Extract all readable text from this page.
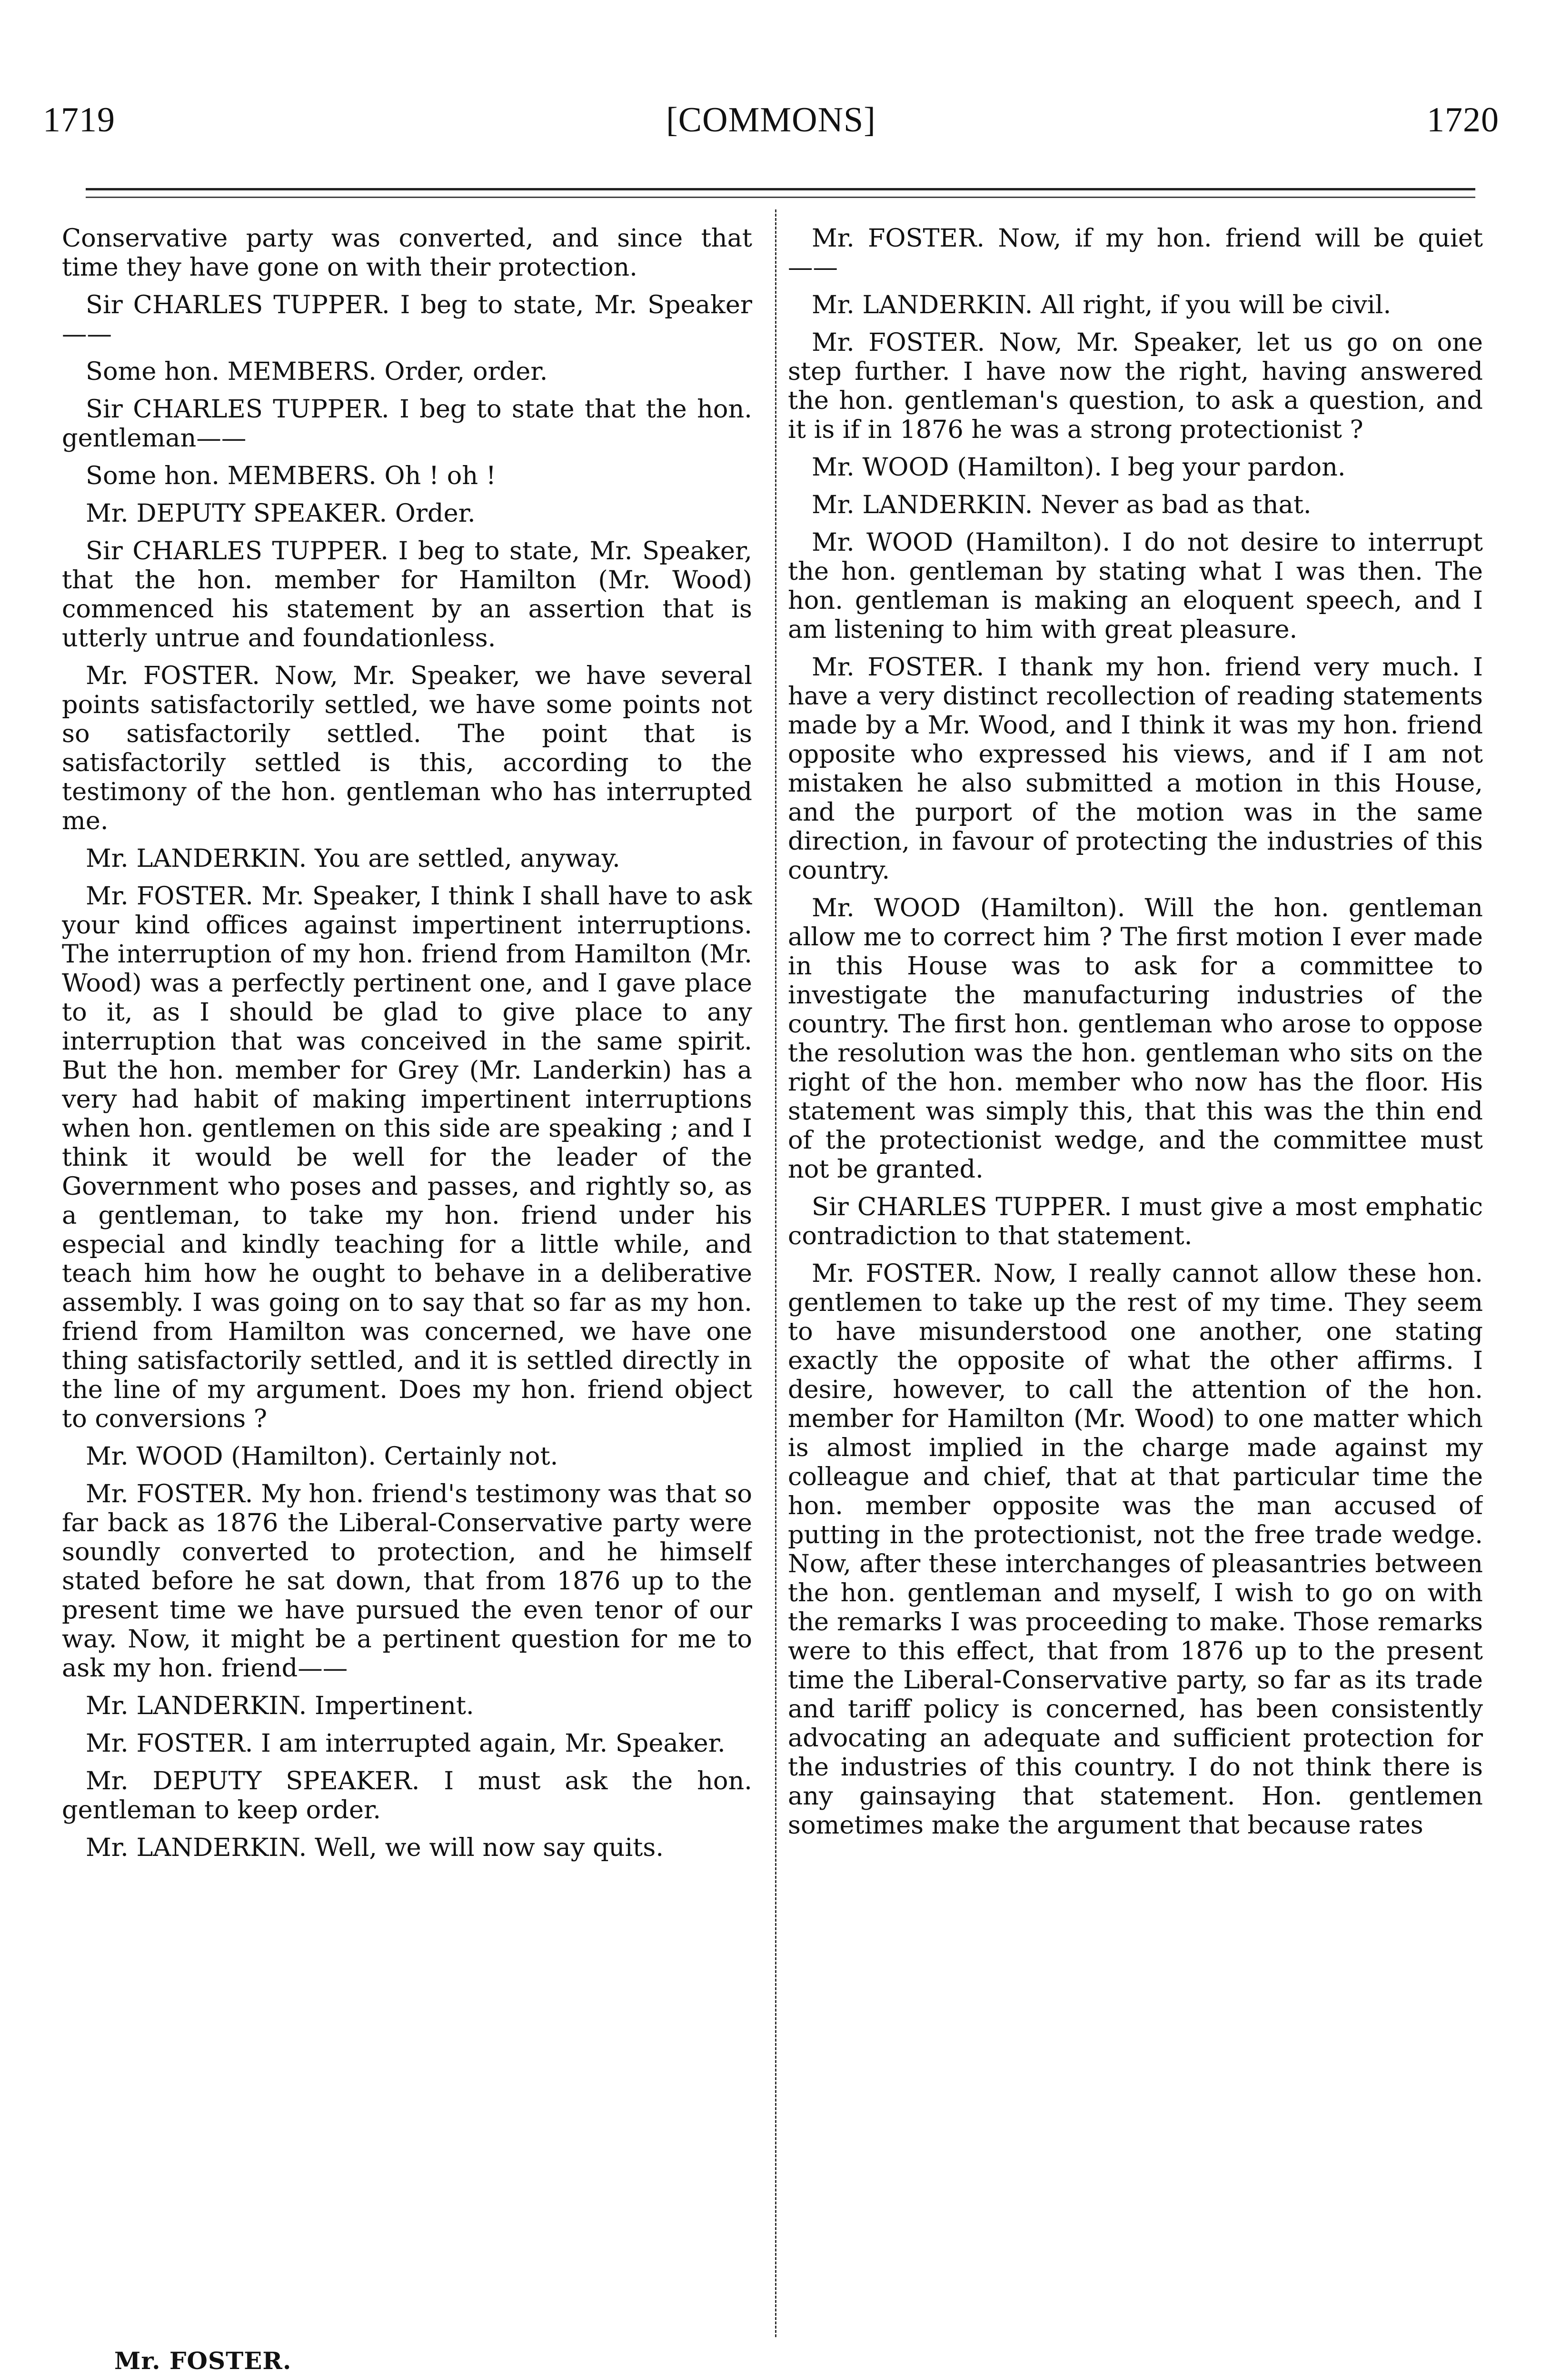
1719	[COMMONS]	1720

Conservative party was converted, and since that time they have gone on with their protection.

Sir CHARLES TUPPER. I beg to state, Mr. Speaker——

Some hon. MEMBERS. Order, order.

Sir CHARLES TUPPER. I beg to state that the hon. gentleman——

Some hon. MEMBERS. Oh ! oh !

Mr. DEPUTY SPEAKER. Order.

Sir CHARLES TUPPER. I beg to state, Mr. Speaker, that the hon. member for Hamilton (Mr. Wood) commenced his statement by an assertion that is utterly untrue and foundationless.

Mr. FOSTER. Now, Mr. Speaker, we have several points satisfactorily settled, we have some points not so satisfactorily settled. The point that is satisfactorily settled is this, according to the testimony of the hon. gentleman who has interrupted me.

Mr. LANDERKIN. You are settled, anyway.

Mr. FOSTER. Mr. Speaker, I think I shall have to ask your kind offices against impertinent interruptions. The interruption of my hon. friend from Hamilton (Mr. Wood) was a perfectly pertinent one, and I gave place to it, as I should be glad to give place to any interruption that was conceived in the same spirit. But the hon. member for Grey (Mr. Landerkin) has a very had habit of making impertinent interruptions when hon. gentlemen on this side are speaking ; and I think it would be well for the leader of the Government who poses and passes, and rightly so, as a gentleman, to take my hon. friend under his especial and kindly teaching for a little while, and teach him how he ought to behave in a deliberative assembly. I was going on to say that so far as my hon. friend from Hamilton was concerned, we have one thing satisfactorily settled, and it is settled directly in the line of my argument. Does my hon. friend object to conversions ?

Mr. WOOD (Hamilton). Certainly not.

Mr. FOSTER. My hon. friend's testimony was that so far back as 1876 the Liberal-Conservative party were soundly converted to protection, and he himself stated before he sat down, that from 1876 up to the present time we have pursued the even tenor of our way. Now, it might be a pertinent question for me to ask my hon. friend——

Mr. LANDERKIN. Impertinent.

Mr. FOSTER. I am interrupted again, Mr. Speaker.

Mr. DEPUTY SPEAKER. I must ask the hon. gentleman to keep order.

Mr. LANDERKIN. Well, we will now say quits.

Mr. FOSTER. Now, if my hon. friend will be quiet——

Mr. LANDERKIN. All right, if you will be civil.

Mr. FOSTER. Now, Mr. Speaker, let us go on one step further. I have now the right, having answered the hon. gentleman's question, to ask a question, and it is if in 1876 he was a strong protectionist ?

Mr. WOOD (Hamilton). I beg your pardon.

Mr. LANDERKIN. Never as bad as that.

Mr. WOOD (Hamilton). I do not desire to interrupt the hon. gentleman by stating what I was then. The hon. gentleman is making an eloquent speech, and I am listening to him with great pleasure.

Mr. FOSTER. I thank my hon. friend very much. I have a very distinct recollection of reading statements made by a Mr. Wood, and I think it was my hon. friend opposite who expressed his views, and if I am not mistaken he also submitted a motion in this House, and the purport of the motion was in the same direction, in favour of protecting the industries of this country.

Mr. WOOD (Hamilton). Will the hon. gentleman allow me to correct him ? The first motion I ever made in this House was to ask for a committee to investigate the manufacturing industries of the country. The first hon. gentleman who arose to oppose the resolution was the hon. gentleman who sits on the right of the hon. member who now has the floor. His statement was simply this, that this was the thin end of the protectionist wedge, and the committee must not be granted.

Sir CHARLES TUPPER. I must give a most emphatic contradiction to that statement.

Mr. FOSTER. Now, I really cannot allow these hon. gentlemen to take up the rest of my time. They seem to have misunderstood one another, one stating exactly the opposite of what the other affirms. I desire, however, to call the attention of the hon. member for Hamilton (Mr. Wood) to one matter which is almost implied in the charge made against my colleague and chief, that at that particular time the hon. member opposite was the man accused of putting in the protectionist, not the free trade wedge. Now, after these interchanges of pleasantries between the hon. gentleman and myself, I wish to go on with the remarks I was proceeding to make. Those remarks were to this effect, that from 1876 up to the present time the Liberal-Conservative party, so far as its trade and tariff policy is concerned, has been consistently advocating an adequate and sufficient protection for the industries of this country. I do not think there is any gainsaying that statement. Hon. gentlemen sometimes make the argument that because rates

Mr. FOSTER.
